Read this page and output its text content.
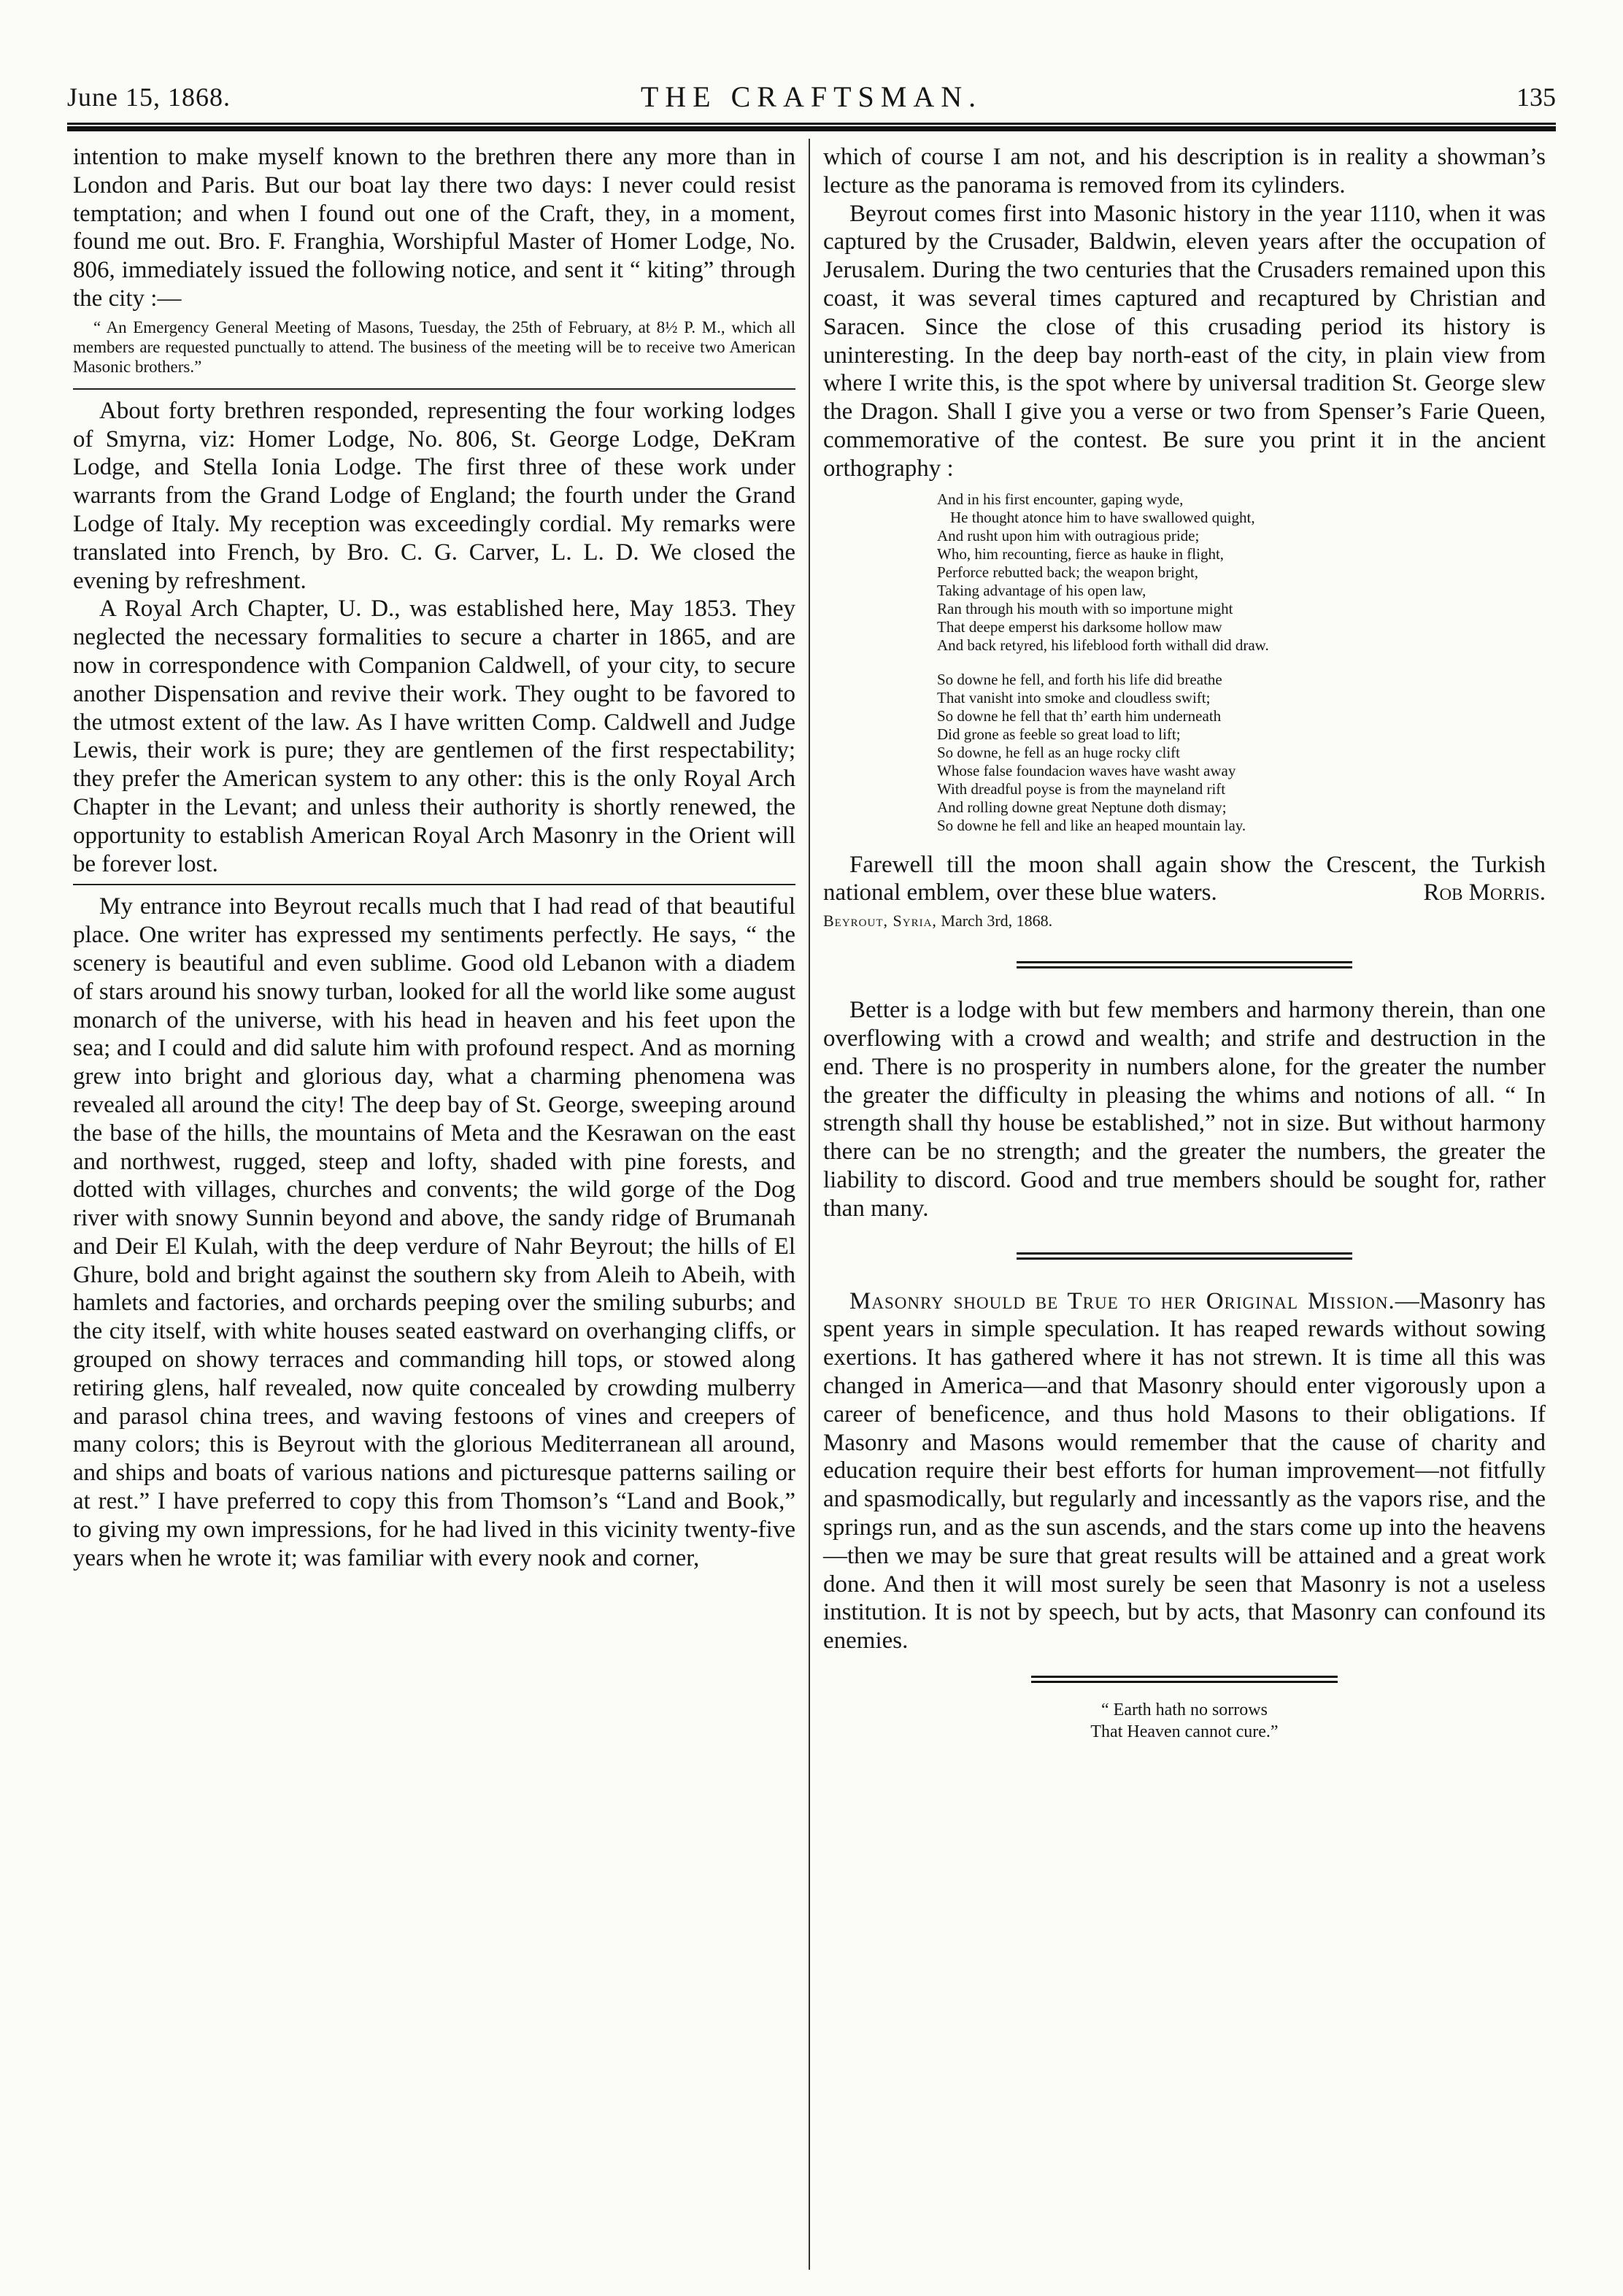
June 15, 1868.	THE CRAFTSMAN.	135

intention to make myself known to the brethren there any more than in London and Paris. But our boat lay there two days: I never could resist temptation; and when I found out one of the Craft, they, in a moment, found me out. Bro. F. Franghia, Worshipful Master of Homer Lodge, No. 806, immediately issued the following notice, and sent it “ kiting” through the city :—

“ An Emergency General Meeting of Masons, Tuesday, the 25th of February, at 8½ P. M., which all members are requested punctually to attend. The business of the meeting will be to receive two American Masonic brothers.”

About forty brethren responded, representing the four working lodges of Smyrna, viz: Homer Lodge, No. 806, St. George Lodge, DeKram Lodge, and Stella Ionia Lodge. The first three of these work under warrants from the Grand Lodge of England; the fourth under the Grand Lodge of Italy. My reception was exceedingly cordial. My remarks were translated into French, by Bro. C. G. Carver, L. L. D. We closed the evening by refreshment.

A Royal Arch Chapter, U. D., was established here, May 1853. They neglected the necessary formalities to secure a charter in 1865, and are now in correspondence with Companion Caldwell, of your city, to secure another Dispensation and revive their work. They ought to be favored to the utmost extent of the law. As I have written Comp. Caldwell and Judge Lewis, their work is pure; they are gentlemen of the first respectability; they prefer the American system to any other: this is the only Royal Arch Chapter in the Levant; and unless their authority is shortly renewed, the opportunity to establish American Royal Arch Masonry in the Orient will be forever lost.

My entrance into Beyrout recalls much that I had read of that beautiful place. One writer has expressed my sentiments perfectly. He says, “ the scenery is beautiful and even sublime. Good old Lebanon with a diadem of stars around his snowy turban, looked for all the world like some august monarch of the universe, with his head in heaven and his feet upon the sea; and I could and did salute him with profound respect. And as morning grew into bright and glorious day, what a charming phenomena was revealed all around the city! The deep bay of St. George, sweeping around the base of the hills, the mountains of Meta and the Kesrawan on the east and northwest, rugged, steep and lofty, shaded with pine forests, and dotted with villages, churches and convents; the wild gorge of the Dog river with snowy Sunnin beyond and above, the sandy ridge of Brumanah and Deir El Kulah, with the deep verdure of Nahr Beyrout; the hills of El Ghure, bold and bright against the southern sky from Aleih to Abeih, with hamlets and factories, and orchards peeping over the smiling suburbs; and the city itself, with white houses seated eastward on overhanging cliffs, or grouped on showy terraces and commanding hill tops, or stowed along retiring glens, half revealed, now quite concealed by crowding mulberry and parasol china trees, and waving festoons of vines and creepers of many colors; this is Beyrout with the glorious Mediterranean all around, and ships and boats of various nations and picturesque patterns sailing or at rest.” I have preferred to copy this from Thomson’s “Land and Book,” to giving my own impressions, for he had lived in this vicinity twenty-five years when he wrote it; was familiar with every nook and corner,

which of course I am not, and his description is in reality a showman’s lecture as the panorama is removed from its cylinders.

Beyrout comes first into Masonic history in the year 1110, when it was captured by the Crusader, Baldwin, eleven years after the occupation of Jerusalem. During the two centuries that the Crusaders remained upon this coast, it was several times captured and recaptured by Christian and Saracen. Since the close of this crusading period its history is uninteresting. In the deep bay north-east of the city, in plain view from where I write this, is the spot where by universal tradition St. George slew the Dragon. Shall I give you a verse or two from Spenser’s Farie Queen, commemorative of the contest. Be sure you print it in the ancient orthography :

And in his first encounter, gaping wyde,
He thought atonce him to have swallowed quight,
And rusht upon him with outragious pride;
Who, him recounting, fierce as hauke in flight,
Perforce rebutted back; the weapon bright,
Taking advantage of his open law,
Ran through his mouth with so importune might
That deepe emperst his darksome hollow maw
And back retyred, his lifeblood forth withall did draw.
So downe he fell, and forth his life did breathe
That vanisht into smoke and cloudless swift;
So downe he fell that th’ earth him underneath
Did grone as feeble so great load to lift;
So downe, he fell as an huge rocky clift
Whose false foundacion waves have washt away
With dreadful poyse is from the mayneland rift
And rolling downe great Neptune doth dismay;
So downe he fell and like an heaped mountain lay.

Farewell till the moon shall again show the Crescent, the Turkish national emblem, over these blue waters.	Rob Morris.

Beyrout, Syria, March 3rd, 1868.

Better is a lodge with but few members and harmony therein, than one overflowing with a crowd and wealth; and strife and destruction in the end. There is no prosperity in numbers alone, for the greater the number the greater the difficulty in pleasing the whims and notions of all. “ In strength shall thy house be established,” not in size. But without harmony there can be no strength; and the greater the numbers, the greater the liability to discord. Good and true members should be sought for, rather than many.

Masonry should be True to her Original Mission.—Masonry has spent years in simple speculation. It has reaped rewards without sowing exertions. It has gathered where it has not strewn. It is time all this was changed in America—and that Masonry should enter vigorously upon a career of beneficence, and thus hold Masons to their obligations. If Masonry and Masons would remember that the cause of charity and education require their best efforts for human improvement—not fitfully and spasmodically, but regularly and incessantly as the vapors rise, and the springs run, and as the sun ascends, and the stars come up into the heavens—then we may be sure that great results will be attained and a great work done. And then it will most surely be seen that Masonry is not a useless institution. It is not by speech, but by acts, that Masonry can confound its enemies.

“ Earth hath no sorrows
That Heaven cannot cure.”
